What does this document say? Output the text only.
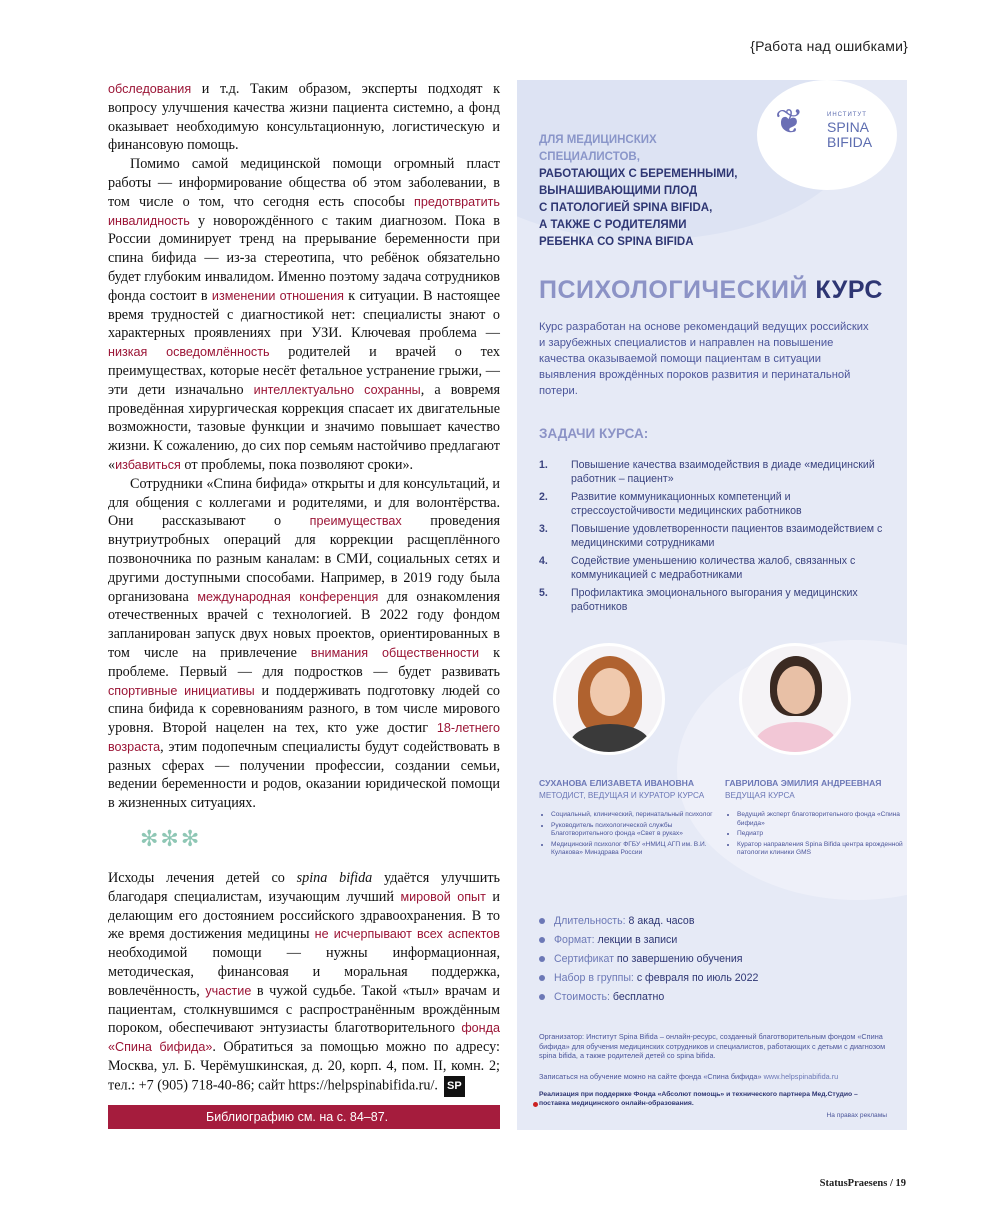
{Работа над ошибками}

обследования и т.д. Таким образом, эксперты подходят к вопросу улучшения качества жизни пациента системно, а фонд оказывает необходимую консультационную, логистическую и финансовую помощь.

Помимо самой медицинской помощи огромный пласт работы — информирование общества об этом заболевании, в том числе о том, что сегодня есть способы предотвратить инвалидность у новорождённого с таким диагнозом. Пока в России доминирует тренд на прерывание беременности при спина бифида — из-за стереотипа, что ребёнок обязательно будет глубоким инвалидом. Именно поэтому задача сотрудников фонда состоит в изменении отношения к ситуации. В настоящее время трудностей с диагностикой нет: специалисты знают о характерных проявлениях при УЗИ. Ключевая проблема — низкая осведомлённость родителей и врачей о тех преимуществах, которые несёт фетальное устранение грыжи, — эти дети изначально интеллектуально сохранны, а вовремя проведённая хирургическая коррекция спасает их двигательные возможности, тазовые функции и значимо повышает качество жизни. К сожалению, до сих пор семьям настойчиво предлагают «избавиться от проблемы, пока позволяют сроки».

Сотрудники «Спина бифида» открыты и для консультаций, и для общения с коллегами и родителями, и для волонтёрства. Они рассказывают о преимуществах проведения внутриутробных операций для коррекции расщеплённого позвоночника по разным каналам: в СМИ, социальных сетях и другими доступными способами. Например, в 2019 году была организована международная конференция для ознакомления отечественных врачей с технологией. В 2022 году фондом запланирован запуск двух новых проектов, ориентированных в том числе на привлечение внимания общественности к проблеме. Первый — для подростков — будет развивать спортивные инициативы и поддерживать подготовку людей со спина бифида к соревнованиям разного, в том числе мирового уровня. Второй нацелен на тех, кто уже достиг 18-летнего возраста, этим подопечным специалисты будут содействовать в разных сферах — получении профессии, создании семьи, ведении беременности и родов, оказании юридической помощи в жизненных ситуациях.

✻✻✻

Исходы лечения детей со spina bifida удаётся улучшить благодаря специалистам, изучающим лучший мировой опыт и делающим его достоянием российского здравоохранения. В то же время достижения медицины не исчерпывают всех аспектов необходимой помощи — нужны информационная, методическая, финансовая и моральная поддержка, вовлечённость, участие в чужой судьбе. Такой «тыл» врачам и пациентам, столкнувшимся с распространённым врождённым пороком, обеспечивают энтузиасты благотворительного фонда «Спина бифида». Обратиться за помощью можно по адресу: Москва, ул. Б. Черёмушкинская, д. 20, корп. 4, пом. II, комн. 2; тел.: +7 (905) 718-40-86; сайт https://helpspinabifida.ru/. SP

Библиографию см. на с. 84–87.
❦	ИНСТИТУТ
SPINA
BIFIDA
ДЛЯ МЕДИЦИНСКИХ
СПЕЦИАЛИСТОВ,
РАБОТАЮЩИХ С БЕРЕМЕННЫМИ,
ВЫНАШИВАЮЩИМИ ПЛОД
С ПАТОЛОГИЕЙ SPINA BIFIDA,
А ТАКЖЕ С РОДИТЕЛЯМИ
РЕБЕНКА СО SPINA BIFIDA
ПСИХОЛОГИЧЕСКИЙ КУРС
Курс разработан на основе рекомендаций ведущих российских и зарубежных специалистов и направлен на повышение качества оказываемой помощи пациентам в ситуации выявления врождённых пороков развития и перинатальной потери.
ЗАДАЧИ КУРСА:
1. Повышение качества взаимодействия в диаде «медицинский работник – пациент»
2. Развитие коммуникационных компетенций и стрессоустойчивости медицинских работников
3. Повышение удовлетворенности пациентов взаимодействием с медицинскими сотрудниками
4. Содействие уменьшению количества жалоб, связанных с коммуникацией с медработниками
5. Профилактика эмоционального выгорания у медицинских работников
СУХАНОВА ЕЛИЗАВЕТА ИВАНОВНА
МЕТОДИСТ, ВЕДУЩАЯ И КУРАТОР КУРСА
• Социальный, клинический, перинатальный психолог
• Руководитель психологической службы Благотворительного фонда «Свет в руках»
• Медицинский психолог ФГБУ «НМИЦ АГП им. В.И. Кулакова» Минздрава России
ГАВРИЛОВА ЭМИЛИЯ АНДРЕЕВНАЯ
ВЕДУЩАЯ КУРСА
• Ведущий эксперт благотворительного фонда «Спина бифида»
• Педиатр
• Куратор направления Spina Bifida центра врожденной патологии клиники GMS
Длительность: 8 акад. часов
Формат: лекции в записи
Сертификат по завершению обучения
Набор в группы: с февраля по июль 2022
Стоимость: бесплатно
Организатор: Институт Spina Bifida – онлайн-ресурс, созданный благотворительным фондом «Спина бифида» для обучения медицинских сотрудников и специалистов, работающих с детьми с диагнозом spina bifida, а также родителей детей со spina bifida.
Записаться на обучение можно на сайте фонда «Спина бифида» www.helpspinabifida.ru
Реализация при поддержке Фонда «Абсолют помощь» и технического партнера Мед.Студио – поставка медицинского онлайн-образования.
На правах рекламы
StatusPraesens / 19
